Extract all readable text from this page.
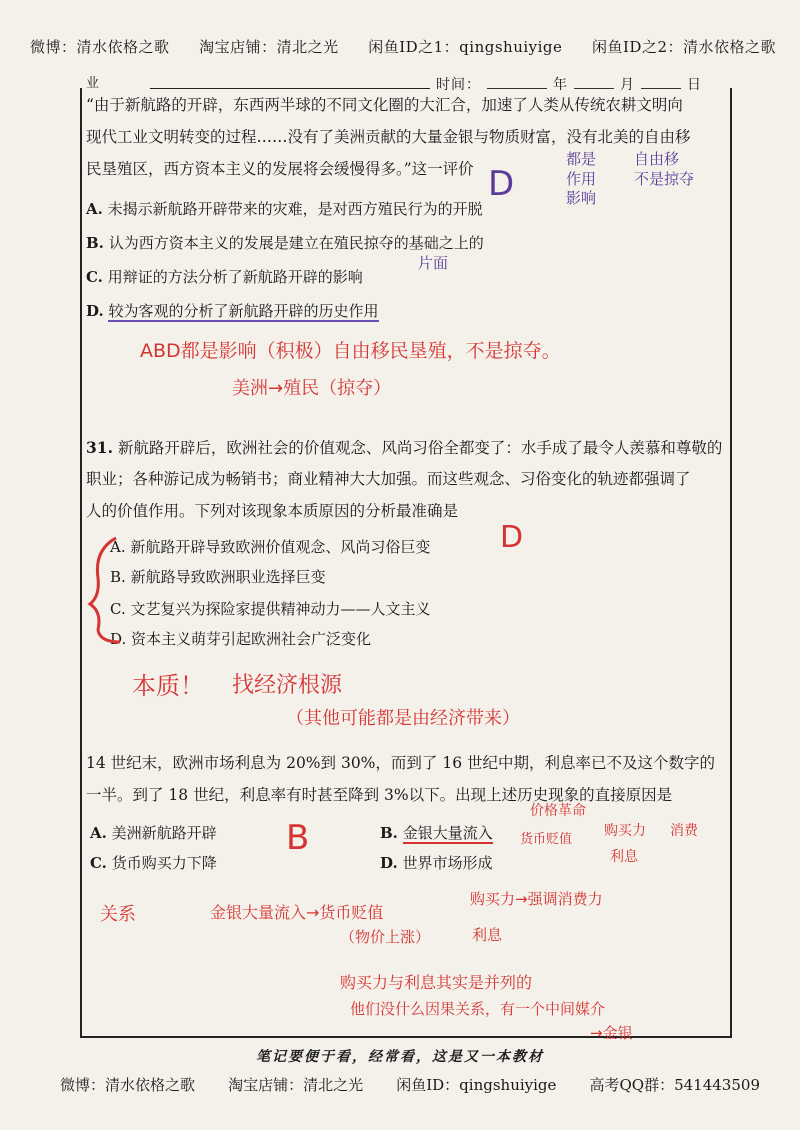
微博：清水依格之歌 淘宝店铺：清北之光 闲鱼ID之1：qingshuiyige 闲鱼ID之2：清水依格之歌
业	时间：	年	月	日
“由于新航路的开辟，东西两半球的不同文化圈的大汇合，加速了人类从传统农耕文明向
现代工业文明转变的过程……没有了美洲贡献的大量金银与物质财富，没有北美的自由移
民垦殖区，西方资本主义的发展将会缓慢得多。”这一评价
A. 未揭示新航路开辟带来的灾难，是对西方殖民行为的开脱
B. 认为西方资本主义的发展是建立在殖民掠夺的基础之上的
C. 用辩证的方法分析了新航路开辟的影响
D. 较为客观的分析了新航路开辟的历史作用
D
都是
作用
影响
自由移
不是掠夺
片面
ABD都是影响（积极）自由移民垦殖，不是掠夺。
美洲→殖民（掠夺）
31. 新航路开辟后，欧洲社会的价值观念、风尚习俗全都变了：水手成了最令人羡慕和尊敬的
职业；各种游记成为畅销书；商业精神大大加强。而这些观念、习俗变化的轨迹都强调了
人的价值作用。下列对该现象本质原因的分析最准确是
A. 新航路开辟导致欧洲价值观念、风尚习俗巨变
B. 新航路导致欧洲职业选择巨变
C. 文艺复兴为探险家提供精神动力——人文主义
D. 资本主义萌芽引起欧洲社会广泛变化
D
本质！ 找经济根源
（其他可能都是由经济带来）
14 世纪末，欧洲市场利息为 20%到 30%，而到了 16 世纪中期，利息率已不及这个数字的
一半。到了 18 世纪，利息率有时甚至降到 3%以下。出现上述历史现象的直接原因是
A. 美洲新航路开辟	B. 金银大量流入
C. 货币购买力下降	D. 世界市场形成
B
价格革命
货币贬值
购买力
利息
消费
关系	金银大量流入→货币贬值
（物价上涨）
购买力→强调消费力
利息
购买力与利息其实是并列的
他们没什么因果关系，有一个中间媒介
→金银
笔记要便于看，经常看，这是又一本教材
微博：清水依格之歌 淘宝店铺：清北之光 闲鱼ID：qingshuiyige 高考QQ群：541443509
